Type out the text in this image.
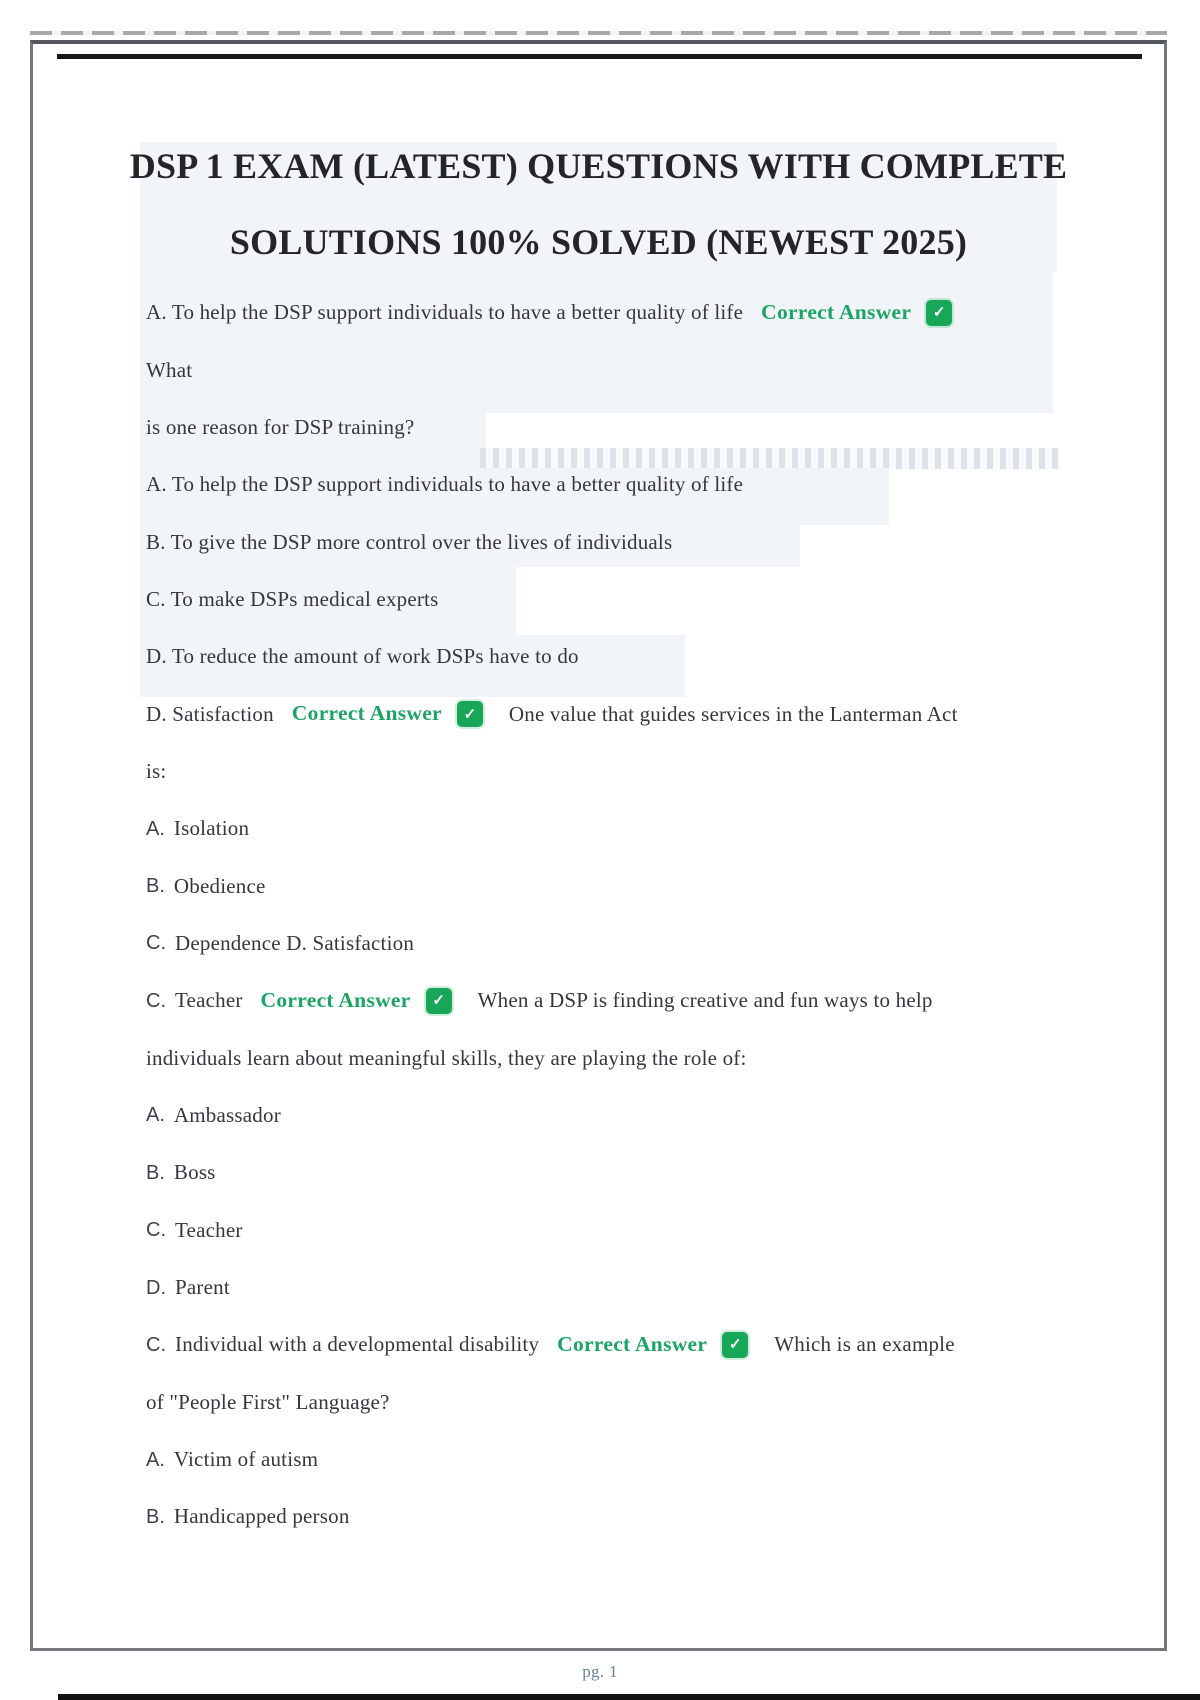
DSP 1 EXAM (LATEST) QUESTIONS WITH COMPLETE
SOLUTIONS 100% SOLVED (NEWEST 2025)
A. To help the DSP support individuals to have a better quality of life Correct Answer ✓
What
is one reason for DSP training?
A. To help the DSP support individuals to have a better quality of life
B. To give the DSP more control over the lives of individuals
C. To make DSPs medical experts
D. To reduce the amount of work DSPs have to do
D. Satisfaction Correct Answer ✓ One value that guides services in the Lanterman Act
is:
A. Isolation
B. Obedience
C. Dependence D. Satisfaction
C. Teacher Correct Answer ✓ When a DSP is finding creative and fun ways to help
individuals learn about meaningful skills, they are playing the role of:
A. Ambassador
B. Boss
C. Teacher
D. Parent
C. Individual with a developmental disability Correct Answer ✓ Which is an example
of "People First" Language?
A. Victim of autism
B. Handicapped person
pg. 1
